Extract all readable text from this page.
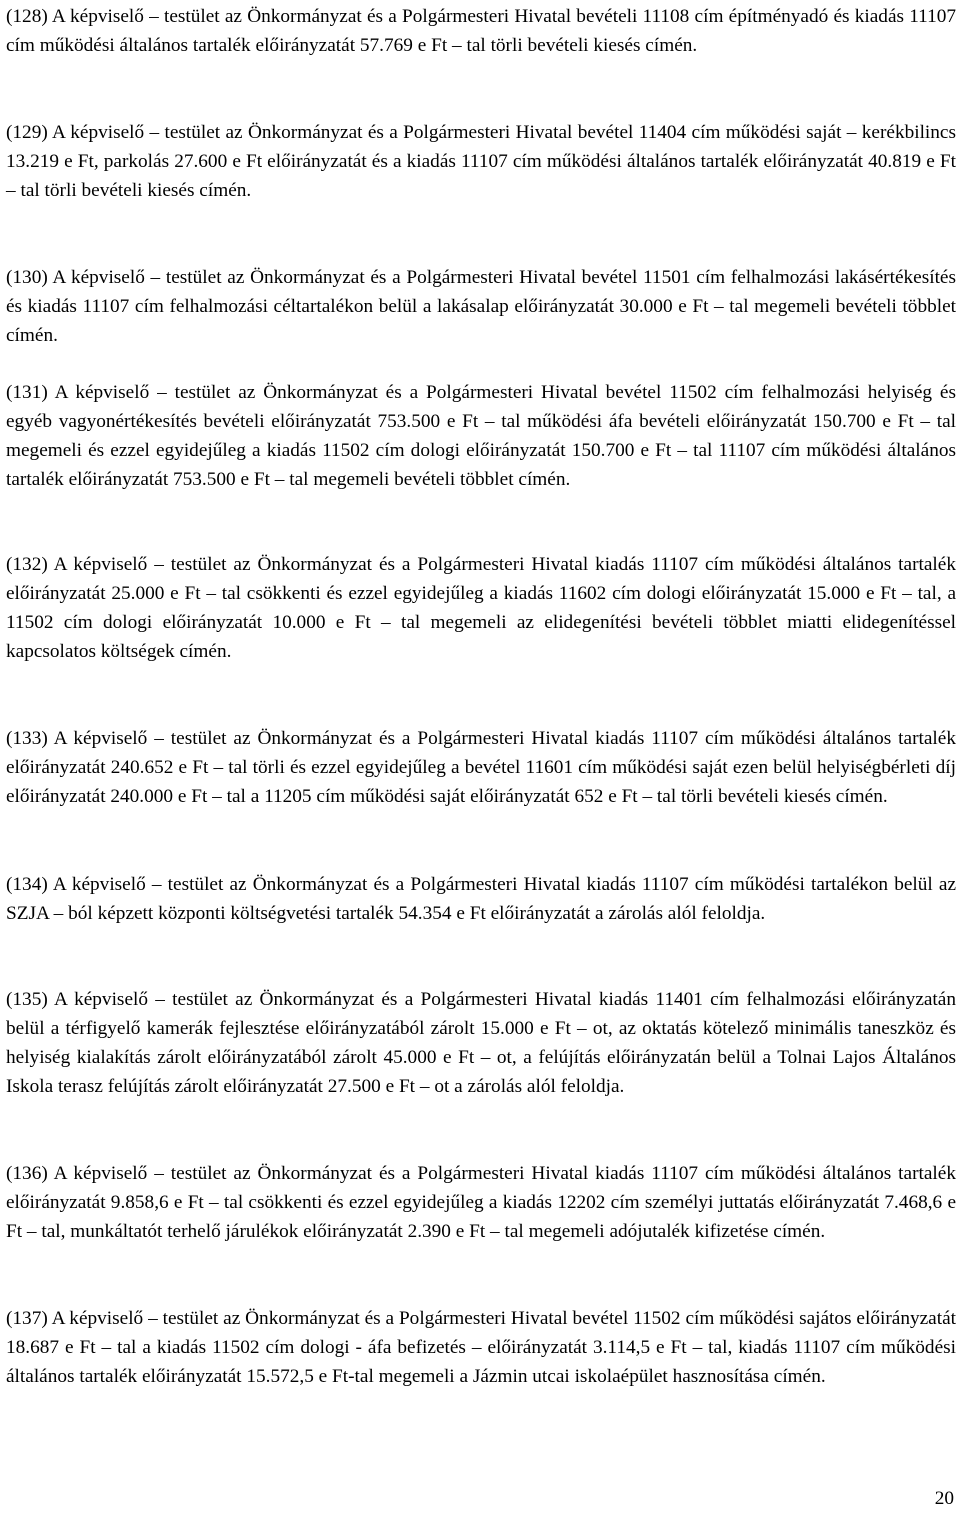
(128) A képviselő – testület az Önkormányzat és a Polgármesteri Hivatal bevételi 11108 cím építményadó és kiadás 11107 cím működési általános tartalék előirányzatát 57.769 e Ft – tal törli bevételi kiesés címén.

(129) A képviselő – testület az Önkormányzat és a Polgármesteri Hivatal bevétel 11404 cím működési saját – kerékbilincs 13.219 e Ft, parkolás 27.600 e Ft előirányzatát és a kiadás 11107 cím működési általános tartalék előirányzatát 40.819 e Ft – tal törli bevételi kiesés címén.

(130) A képviselő – testület az Önkormányzat és a Polgármesteri Hivatal bevétel 11501 cím felhalmozási lakásértékesítés és kiadás 11107 cím felhalmozási céltartalékon belül a lakásalap előirányzatát 30.000 e Ft – tal megemeli bevételi többlet címén.

(131) A képviselő – testület az Önkormányzat és a Polgármesteri Hivatal bevétel 11502 cím felhalmozási helyiség és egyéb vagyonértékesítés bevételi előirányzatát 753.500 e Ft – tal működési áfa bevételi előirányzatát 150.700 e Ft – tal megemeli és ezzel egyidejűleg a kiadás 11502 cím dologi előirányzatát 150.700 e Ft – tal 11107 cím működési általános tartalék előirányzatát 753.500 e Ft – tal megemeli bevételi többlet címén.

(132) A képviselő – testület az Önkormányzat és a Polgármesteri Hivatal kiadás 11107 cím működési általános tartalék előirányzatát 25.000 e Ft – tal csökkenti és ezzel egyidejűleg a kiadás 11602 cím dologi előirányzatát 15.000 e Ft – tal, a 11502 cím dologi előirányzatát 10.000 e Ft – tal megemeli az elidegenítési bevételi többlet miatti elidegenítéssel kapcsolatos költségek címén.

(133) A képviselő – testület az Önkormányzat és a Polgármesteri Hivatal kiadás 11107 cím működési általános tartalék előirányzatát 240.652 e Ft – tal törli és ezzel egyidejűleg a bevétel 11601 cím működési saját ezen belül helyiségbérleti díj előirányzatát 240.000 e Ft – tal a 11205 cím működési saját előirányzatát 652 e Ft – tal törli bevételi kiesés címén.

(134) A képviselő – testület az Önkormányzat és a Polgármesteri Hivatal kiadás 11107 cím működési tartalékon belül az SZJA – ból képzett központi költségvetési tartalék 54.354 e Ft előirányzatát a zárolás alól feloldja.

(135) A képviselő – testület az Önkormányzat és a Polgármesteri Hivatal kiadás 11401 cím felhalmozási előirányzatán belül a térfigyelő kamerák fejlesztése előirányzatából zárolt 15.000 e Ft – ot, az oktatás kötelező minimális taneszköz és helyiség kialakítás zárolt előirányzatából zárolt 45.000 e Ft – ot, a felújítás előirányzatán belül a Tolnai Lajos Általános Iskola terasz felújítás zárolt előirányzatát 27.500 e Ft – ot a zárolás alól feloldja.

(136) A képviselő – testület az Önkormányzat és a Polgármesteri Hivatal kiadás 11107 cím működési általános tartalék előirányzatát 9.858,6 e Ft – tal csökkenti és ezzel egyidejűleg a kiadás 12202 cím személyi juttatás előirányzatát 7.468,6 e Ft – tal, munkáltatót terhelő járulékok előirányzatát 2.390 e Ft – tal megemeli adójutalék kifizetése címén.

(137) A képviselő – testület az Önkormányzat és a Polgármesteri Hivatal bevétel 11502 cím működési sajátos előirányzatát 18.687 e Ft – tal a kiadás 11502 cím dologi - áfa befizetés – előirányzatát 3.114,5 e Ft – tal, kiadás 11107 cím működési általános tartalék előirányzatát 15.572,5 e Ft-tal megemeli a Jázmin utcai iskolaépület hasznosítása címén.

20
